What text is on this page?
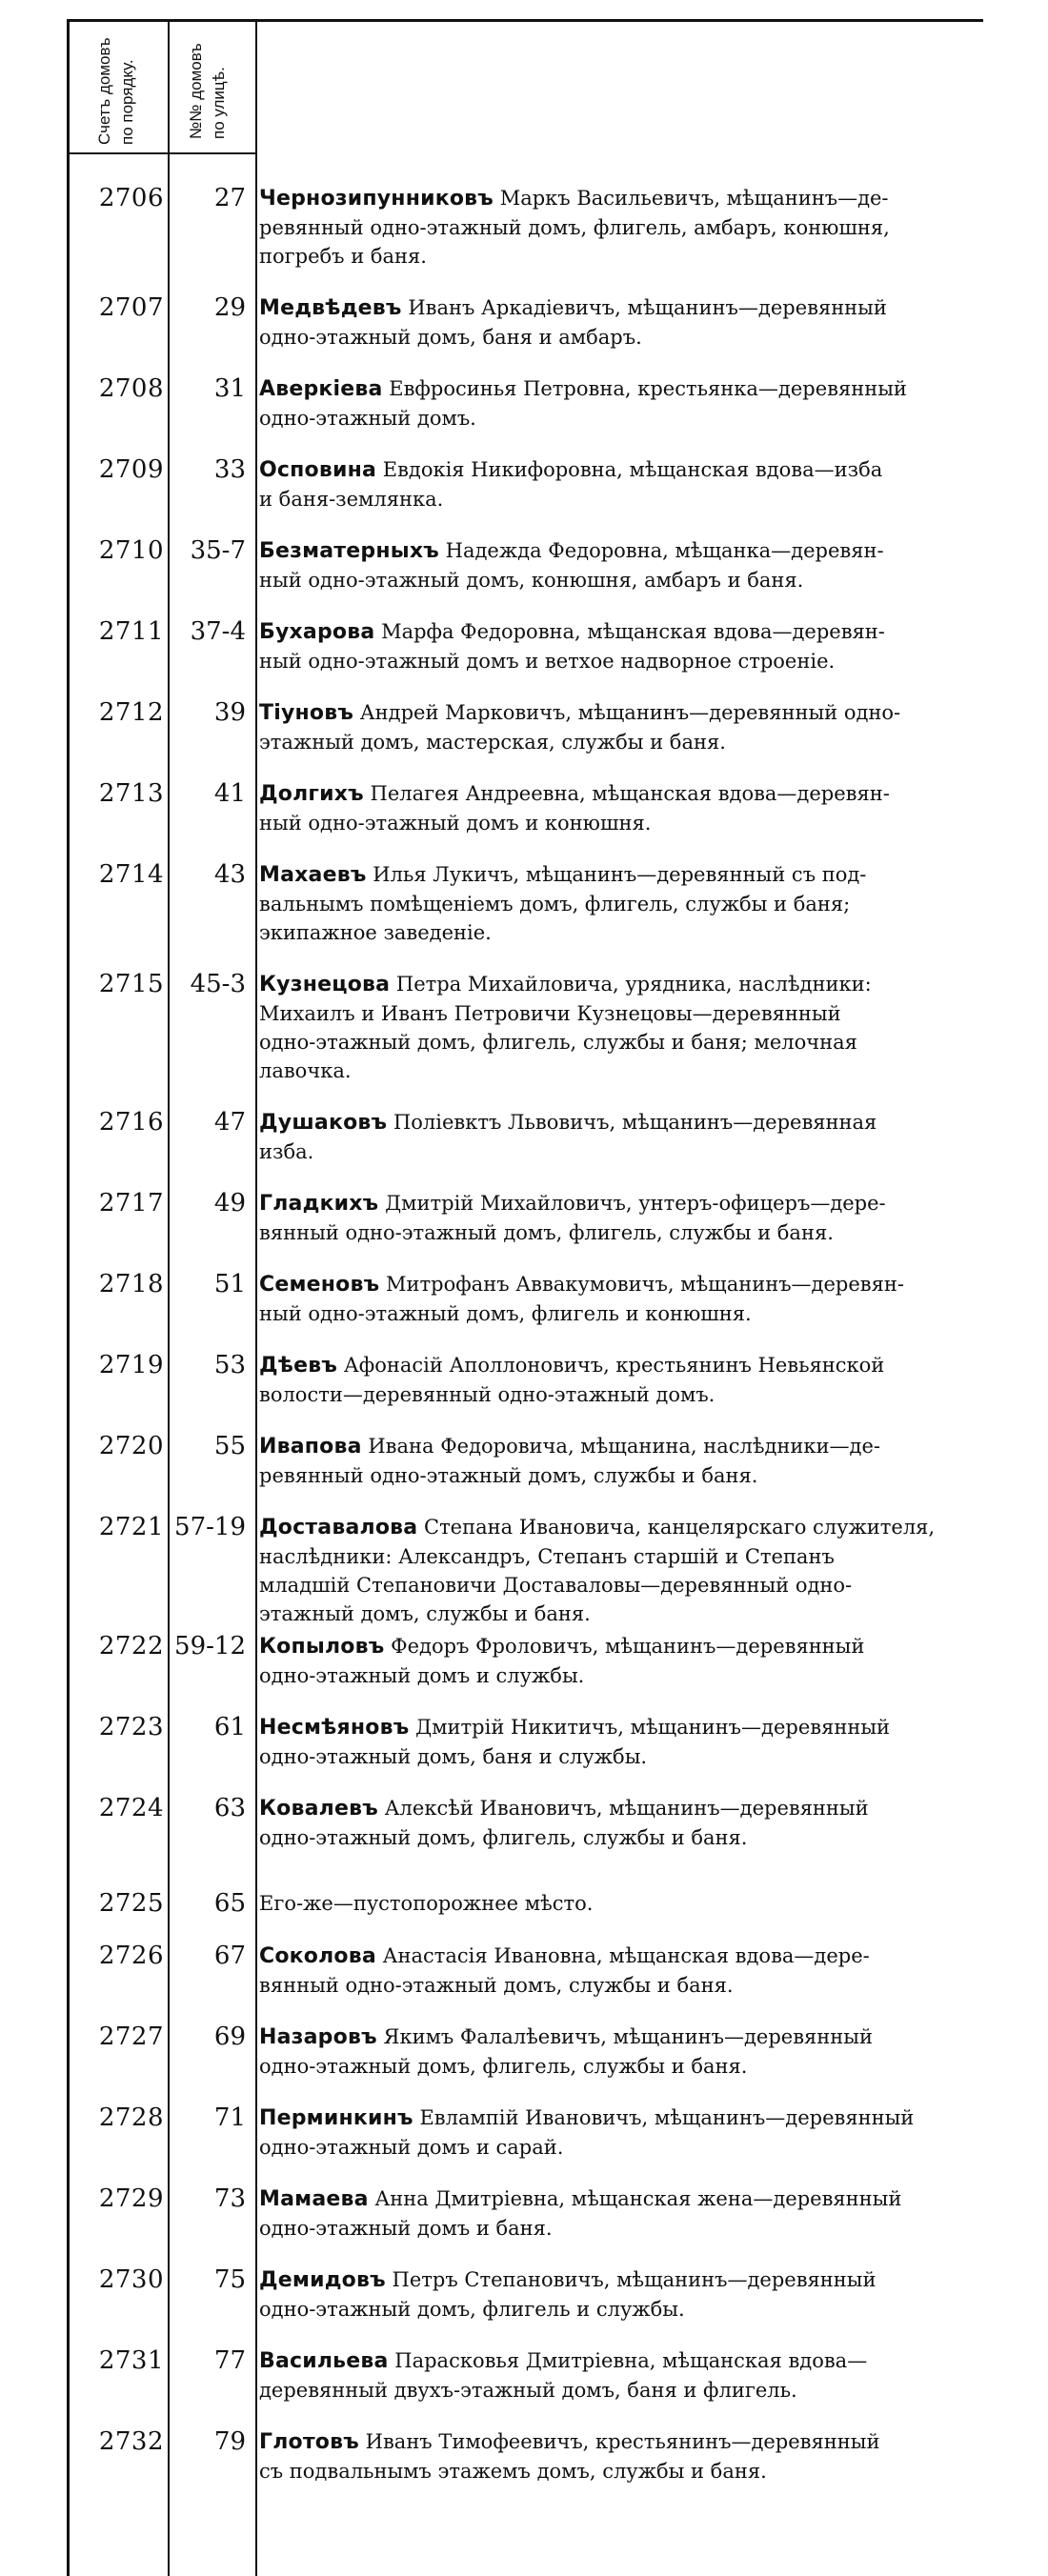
Счетъ домовъ по порядку.	№№ домовъ по улицѣ.
2706	27 Чернозипунниковъ Маркъ Васильевичъ, мѣщанинъ—де-
ревянный одно-этажный домъ, флигель, амбаръ, конюшня,
погребъ и баня.
2707	29 Медвѣдевъ Иванъ Аркадіевичъ, мѣщанинъ—деревянный
одно-этажный домъ, баня и амбаръ.
2708	31 Аверкіева Евфросинья Петровна, крестьянка—деревянный
одно-этажный домъ.
2709	33 Осповина Евдокія Никифоровна, мѣщанская вдова—изба
и баня-землянка.
2710	35-7 Безматерныхъ Надежда Федоровна, мѣщанка—деревян-
ный одно-этажный домъ, конюшня, амбаръ и баня.
2711	37-4 Бухарова Марфа Федоровна, мѣщанская вдова—деревян-
ный одно-этажный домъ и ветхое надворное строеніе.
2712	39 Тіуновъ Андрей Марковичъ, мѣщанинъ—деревянный одно-
этажный домъ, мастерская, службы и баня.
2713	41 Долгихъ Пелагея Андреевна, мѣщанская вдова—деревян-
ный одно-этажный домъ и конюшня.
2714	43 Махаевъ Илья Лукичъ, мѣщанинъ—деревянный съ под-
вальнымъ помѣщеніемъ домъ, флигель, службы и баня;
экипажное заведеніе.
2715	45-3 Кузнецова Петра Михайловича, урядника, наслѣдники:
Михаилъ и Иванъ Петровичи Кузнецовы—деревянный
одно-этажный домъ, флигель, службы и баня; мелочная
лавочка.
2716	47 Душаковъ Поліевктъ Львовичъ, мѣщанинъ—деревянная
изба.
2717	49 Гладкихъ Дмитрій Михайловичъ, унтеръ-офицеръ—дере-
вянный одно-этажный домъ, флигель, службы и баня.
2718	51 Семеновъ Митрофанъ Аввакумовичъ, мѣщанинъ—деревян-
ный одно-этажный домъ, флигель и конюшня.
2719	53 Дѣевъ Афонасій Аполлоновичъ, крестьянинъ Невьянской
волости—деревянный одно-этажный домъ.
2720	55 Ивапова Ивана Федоровича, мѣщанина, наслѣдники—де-
ревянный одно-этажный домъ, службы и баня.
2721 57-19 Доставалова Степана Ивановича, канцелярскаго служителя,
наслѣдники: Александръ, Степанъ старшій и Степанъ
младшій Степановичи Доставаловы—деревянный одно-
этажный домъ, службы и баня.
2722 59-12 Копыловъ Федоръ Фроловичъ, мѣщанинъ—деревянный
одно-этажный домъ и службы.
2723	61 Несмѣяновъ Дмитрій Никитичъ, мѣщанинъ—деревянный
одно-этажный домъ, баня и службы.
2724	63 Ковалевъ Алексѣй Ивановичъ, мѣщанинъ—деревянный
одно-этажный домъ, флигель, службы и баня.
2725	65 Его-же—пустопорожнее мѣсто.
2726	67 Соколова Анастасія Ивановна, мѣщанская вдова—дере-
вянный одно-этажный домъ, службы и баня.
2727	69 Назаровъ Якимъ Фалалѣевичъ, мѣщанинъ—деревянный
одно-этажный домъ, флигель, службы и баня.
2728	71 Перминкинъ Евлампій Ивановичъ, мѣщанинъ—деревянный
одно-этажный домъ и сарай.
2729	73 Мамаева Анна Дмитріевна, мѣщанская жена—деревянный
одно-этажный домъ и баня.
2730	75 Демидовъ Петръ Степановичъ, мѣщанинъ—деревянный
одно-этажный домъ, флигель и службы.
2731	77 Васильева Парасковья Дмитріевна, мѣщанская вдова—
деревянный двухъ-этажный домъ, баня и флигель.
2732	79 Глотовъ Иванъ Тимофеевичъ, крестьянинъ—деревянный
съ подвальнымъ этажемъ домъ, службы и баня.
